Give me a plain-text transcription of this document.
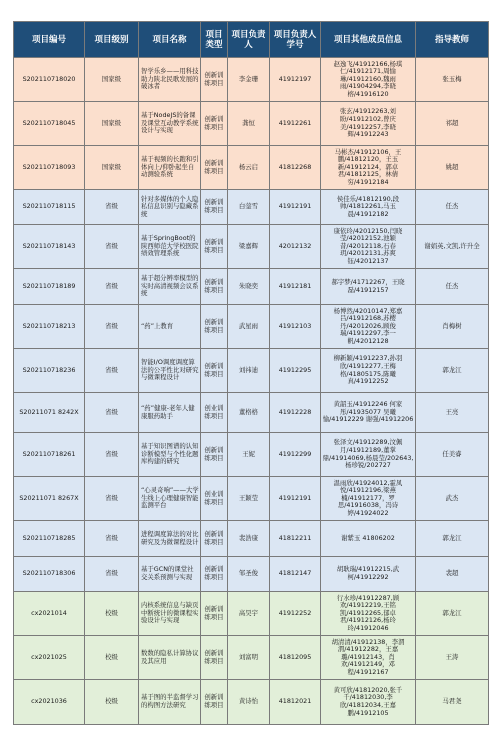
项目编号	项目级别	项目名称	项目类型	项目负责人	项目负责人学号	项目其他成员信息	指导教师
S202110718020	国家级	智学乐乡——用科技助力陕北民歌发展的破冰者	创新训练项目	李金珊	41912197	赵逸飞/41912166,杨琪仁/41912171,周愉琳/41912160,魏雨雨/41904294,李晓榕/41916120	张玉梅
S202110718045	国家级	基于NodeJS的备课及课堂互动教学系统设计与实现	创新训练项目	龚恒	41912261	张玄/41912263,刘盼/41912102,曾庆美/41912257,李晓辉/41912243	祁超
S202110718093	国家级	基于视频的长跑和引体向上/仰卧起坐自动测验系统	创新训练项目	杨云启	41812268	马彬杰/41912106，王鹏/41812120，王玉新/41912124，郭卓君/41812125，林倩穷/41912184	姚超
S202110718115	省级	针对多媒体的个人隐私信息识别与隐藏系统	创新训练项目	白蓥雪	41912191	侯佳乐/41812190,段帅/41812261,马玉晨/41912182	任杰
S202110718143	省级	基于SpringBoot的陕西师范大学校医院绩效管理系统	创新训练项目	梁嘉辉	42012132	康依玲/42012150,闫晓莹/42012152,池颖昔/42012118,石春玥/42012131,苏爽钰/42012137	谢娟英,文凯,许升全
S202110718189	省级	基于超分辨率模型的实时高清视频会议系统	创新训练项目	朱晓奕	41912181	郝宇梦/41712267，王晓磊/41912157	任杰
S202110718213	省级	“药”上教育	创新训练项目	武星雨	41912103	杨博然/42010147,郑嘉吕/41912168,苏樱丹/42012026,顾俊瑞/41912297,李一帆/42012128	肖梅树
S202110718236	省级	智能I/O调度调度算法的公平性比对研究与微课程设计	创新训练项目	刘祎迪	41912295	柳新颖/41912237,孙羽欣/41912277,王梅格/41805175,陈曦真/41912252	郭龙江
S20211071 8242X	省级	“药”健康-老年人健康服药助手	创业训练项目	董格格	41912228	黄韶玉/41912246 何家彤/41935077 吴曦愉/41912229 谢强/41912206	王亮
S202110718261	省级	基于知识图谱的认知诊断模型与个性化题库构建的研究	创新训练项目	王妮	41912299	张泽文/41912289,汶佩月/41912189,董掌鼎/41914069,杨晨莹/202643,杨珍锐/202727	任美睿
S20211071 8267X	省级	“心灵奇响”——大学生线上心理健康智能监测平台	创业训练项目	王颖莹	41912191	温雨欣/41924012,霍凤悦/41912196,梁燕楠/41912177，罗思/41916038，冯诗婷/41924022	武杰
S202110718285	省级	进程调度算法的对比研究及为微课程设计	创新训练项目	裴浩康	41812211	谢紫玉 41806202	郭龙江
S202110718306	省级	基于GCN的课堂社交关系预测与实现	创新训练项目	邹圣俊	41812147	胡耿瑞/41912215,武柯/41912292	裴超
cx2021014	校级	内核系统信息与缺页中断统计的微课程实验设计与实现	创新训练项目	高昊宇	41912252	行水珍/41912287,顾欢/41912219,王铭凯/41912265,郁卓君/41912126,杨玲玲/41912046	郭龙江
cx2021025	校级	数数的隐私计算协议及其应用	创新训练项目	刘富明	41812095	胡清清/41912138，李渭渭/41912282，王嘉璐/41912143，肖欢/41912149，邓程/41912167	王涛
cx2021036	校级	基于图的半监督学习的构图方法研究	创新训练项目	黄诗怡	41812021	黄可欣/41812020,张千千/41812030,李欣/41812034,王嘉鹏/41912105	马君尧
